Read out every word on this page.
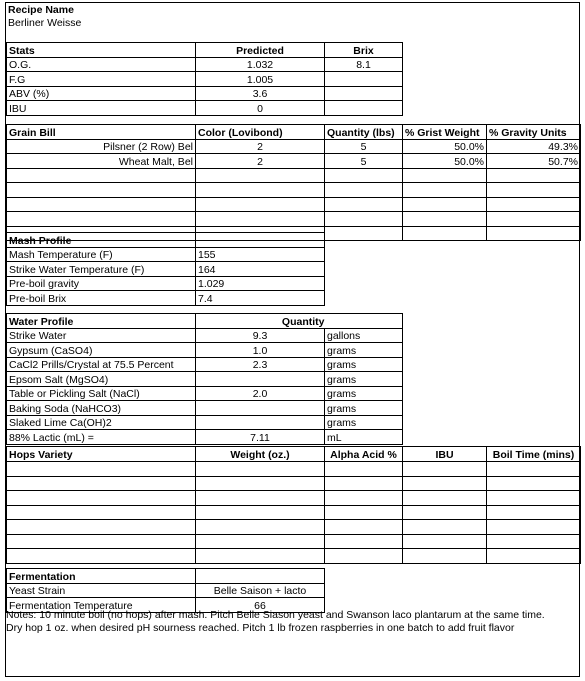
Recipe Name
Berliner Weisse
Stats	Predicted	Brix
O.G.	1.032	8.1
F.G	1.005	
ABV (%)	3.6	
IBU	0	
Grain Bill	Color (Lovibond)	Quantity (lbs)	% Grist Weight	% Gravity Units
Pilsner (2 Row) Bel	2	5	50.0%	49.3%
Wheat Malt, Bel	2	5	50.0%	50.7%

Mash Profile	
Mash Temperature (F)	155
Strike Water Temperature (F)	164
Pre-boil gravity	1.029
Pre-boil Brix	7.4
Water Profile	Quantity	
Strike Water	9.3	gallons
Gypsum (CaSO4)	1.0	grams
CaCl2 Prills/Crystal at 75.5 Percent	2.3	grams
Epsom Salt (MgSO4)		grams
Table or Pickling Salt (NaCl)	2.0	grams
Baking Soda (NaHCO3)		grams
Slaked Lime Ca(OH)2		grams
88% Lactic (mL) =	7.11	mL
Hops Variety	Weight (oz.)	Alpha Acid %	IBU	Boil Time (mins)

Fermentation	
Yeast Strain	Belle Saison + lacto
Fermentation Temperature	66
Notes: 10 minute boil (no hops) after mash. Pitch Belle Siason yeast and Swanson laco plantarum at the same time.
Dry hop 1 oz. when desired pH sourness reached. Pitch 1 lb frozen raspberries in one batch to add fruit flavor
